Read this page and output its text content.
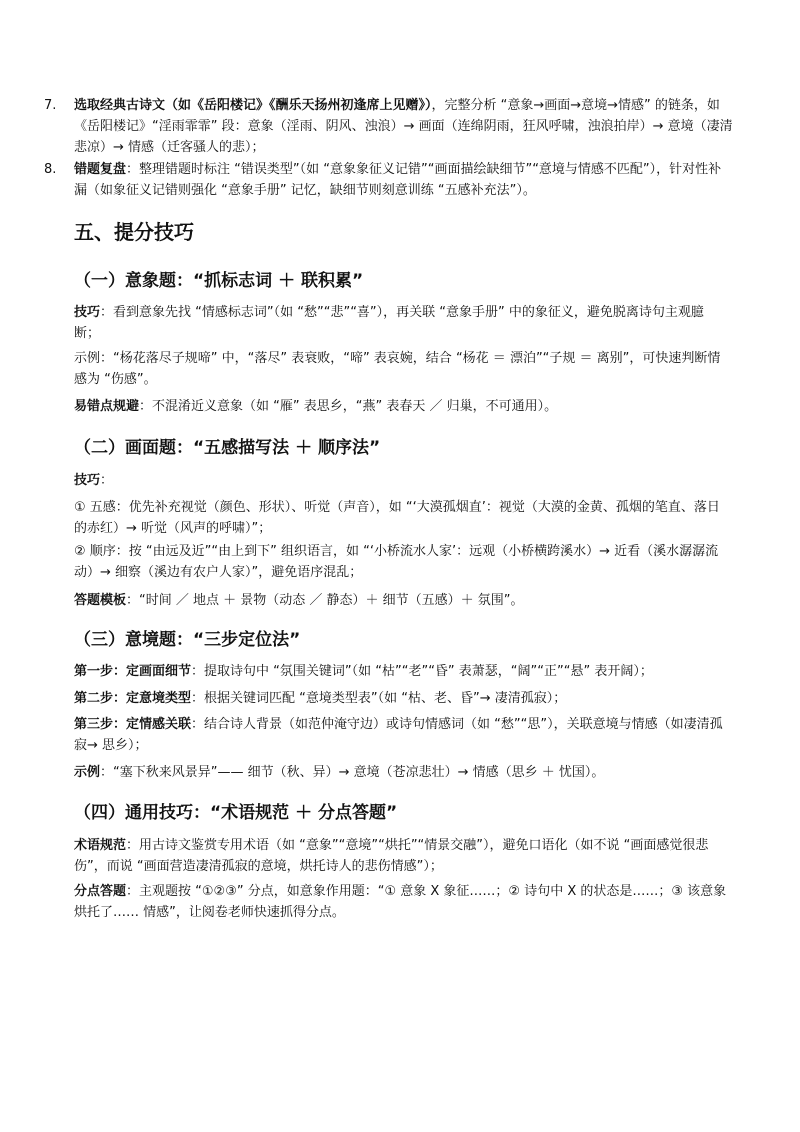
7.	选取经典古诗文（如《岳阳楼记》《酬乐天扬州初逢席上见赠》），完整分析 “意象→画面→意境→情感” 的链条，如《岳阳楼记》“淫雨霏霏” 段：意象（淫雨、阴风、浊浪）→ 画面（连绵阴雨，狂风呼啸，浊浪拍岸）→ 意境（凄清悲凉）→ 情感（迁客骚人的悲）；
8.	错题复盘：整理错题时标注 “错误类型”（如 “意象象征义记错”“画面描绘缺细节”“意境与情感不匹配”），针对性补漏（如象征义记错则强化 “意象手册” 记忆，缺细节则刻意训练 “五感补充法”）。
五、提分技巧
（一）意象题：“抓标志词 ＋ 联积累”
技巧：看到意象先找 “情感标志词”（如 “愁”“悲”“喜”），再关联 “意象手册” 中的象征义，避免脱离诗句主观臆断；
示例：“杨花落尽子规啼” 中，“落尽” 表衰败，“啼” 表哀婉，结合 “杨花 ＝ 漂泊”“子规 ＝ 离别”，可快速判断情感为 “伤感”。
易错点规避：不混淆近义意象（如 “雁” 表思乡，“燕” 表春天 ／ 归巢，不可通用）。
（二）画面题：“五感描写法 ＋ 顺序法”
技巧：
① 五感：优先补充视觉（颜色、形状）、听觉（声音），如 “‘大漠孤烟直’：视觉（大漠的金黄、孤烟的笔直、落日的赤红）→ 听觉（风声的呼啸）”；
② 顺序：按 “由远及近”“由上到下” 组织语言，如 “‘小桥流水人家’：远观（小桥横跨溪水）→ 近看（溪水潺潺流动）→ 细察（溪边有农户人家）”，避免语序混乱；
答题模板：“时间 ／ 地点 ＋ 景物（动态 ／ 静态）＋ 细节（五感）＋ 氛围”。
（三）意境题：“三步定位法”
第一步：定画面细节：提取诗句中 “氛围关键词”（如 “枯”“老”“昏” 表萧瑟，“阔”“正”“悬” 表开阔）；
第二步：定意境类型：根据关键词匹配 “意境类型表”（如 “枯、老、昏”→ 凄清孤寂）；
第三步：定情感关联：结合诗人背景（如范仲淹守边）或诗句情感词（如 “愁”“思”），关联意境与情感（如凄清孤寂→ 思乡）；
示例：“塞下秋来风景异”—— 细节（秋、异）→ 意境（苍凉悲壮）→ 情感（思乡 ＋ 忧国）。
（四）通用技巧：“术语规范 ＋ 分点答题”
术语规范：用古诗文鉴赏专用术语（如 “意象”“意境”“烘托”“情景交融”），避免口语化（如不说 “画面感觉很悲伤”，而说 “画面营造凄清孤寂的意境，烘托诗人的悲伤情感”）；
分点答题：主观题按 “①②③” 分点，如意象作用题：“① 意象 X 象征……；② 诗句中 X 的状态是……；③ 该意象烘托了…… 情感”，让阅卷老师快速抓得分点。
